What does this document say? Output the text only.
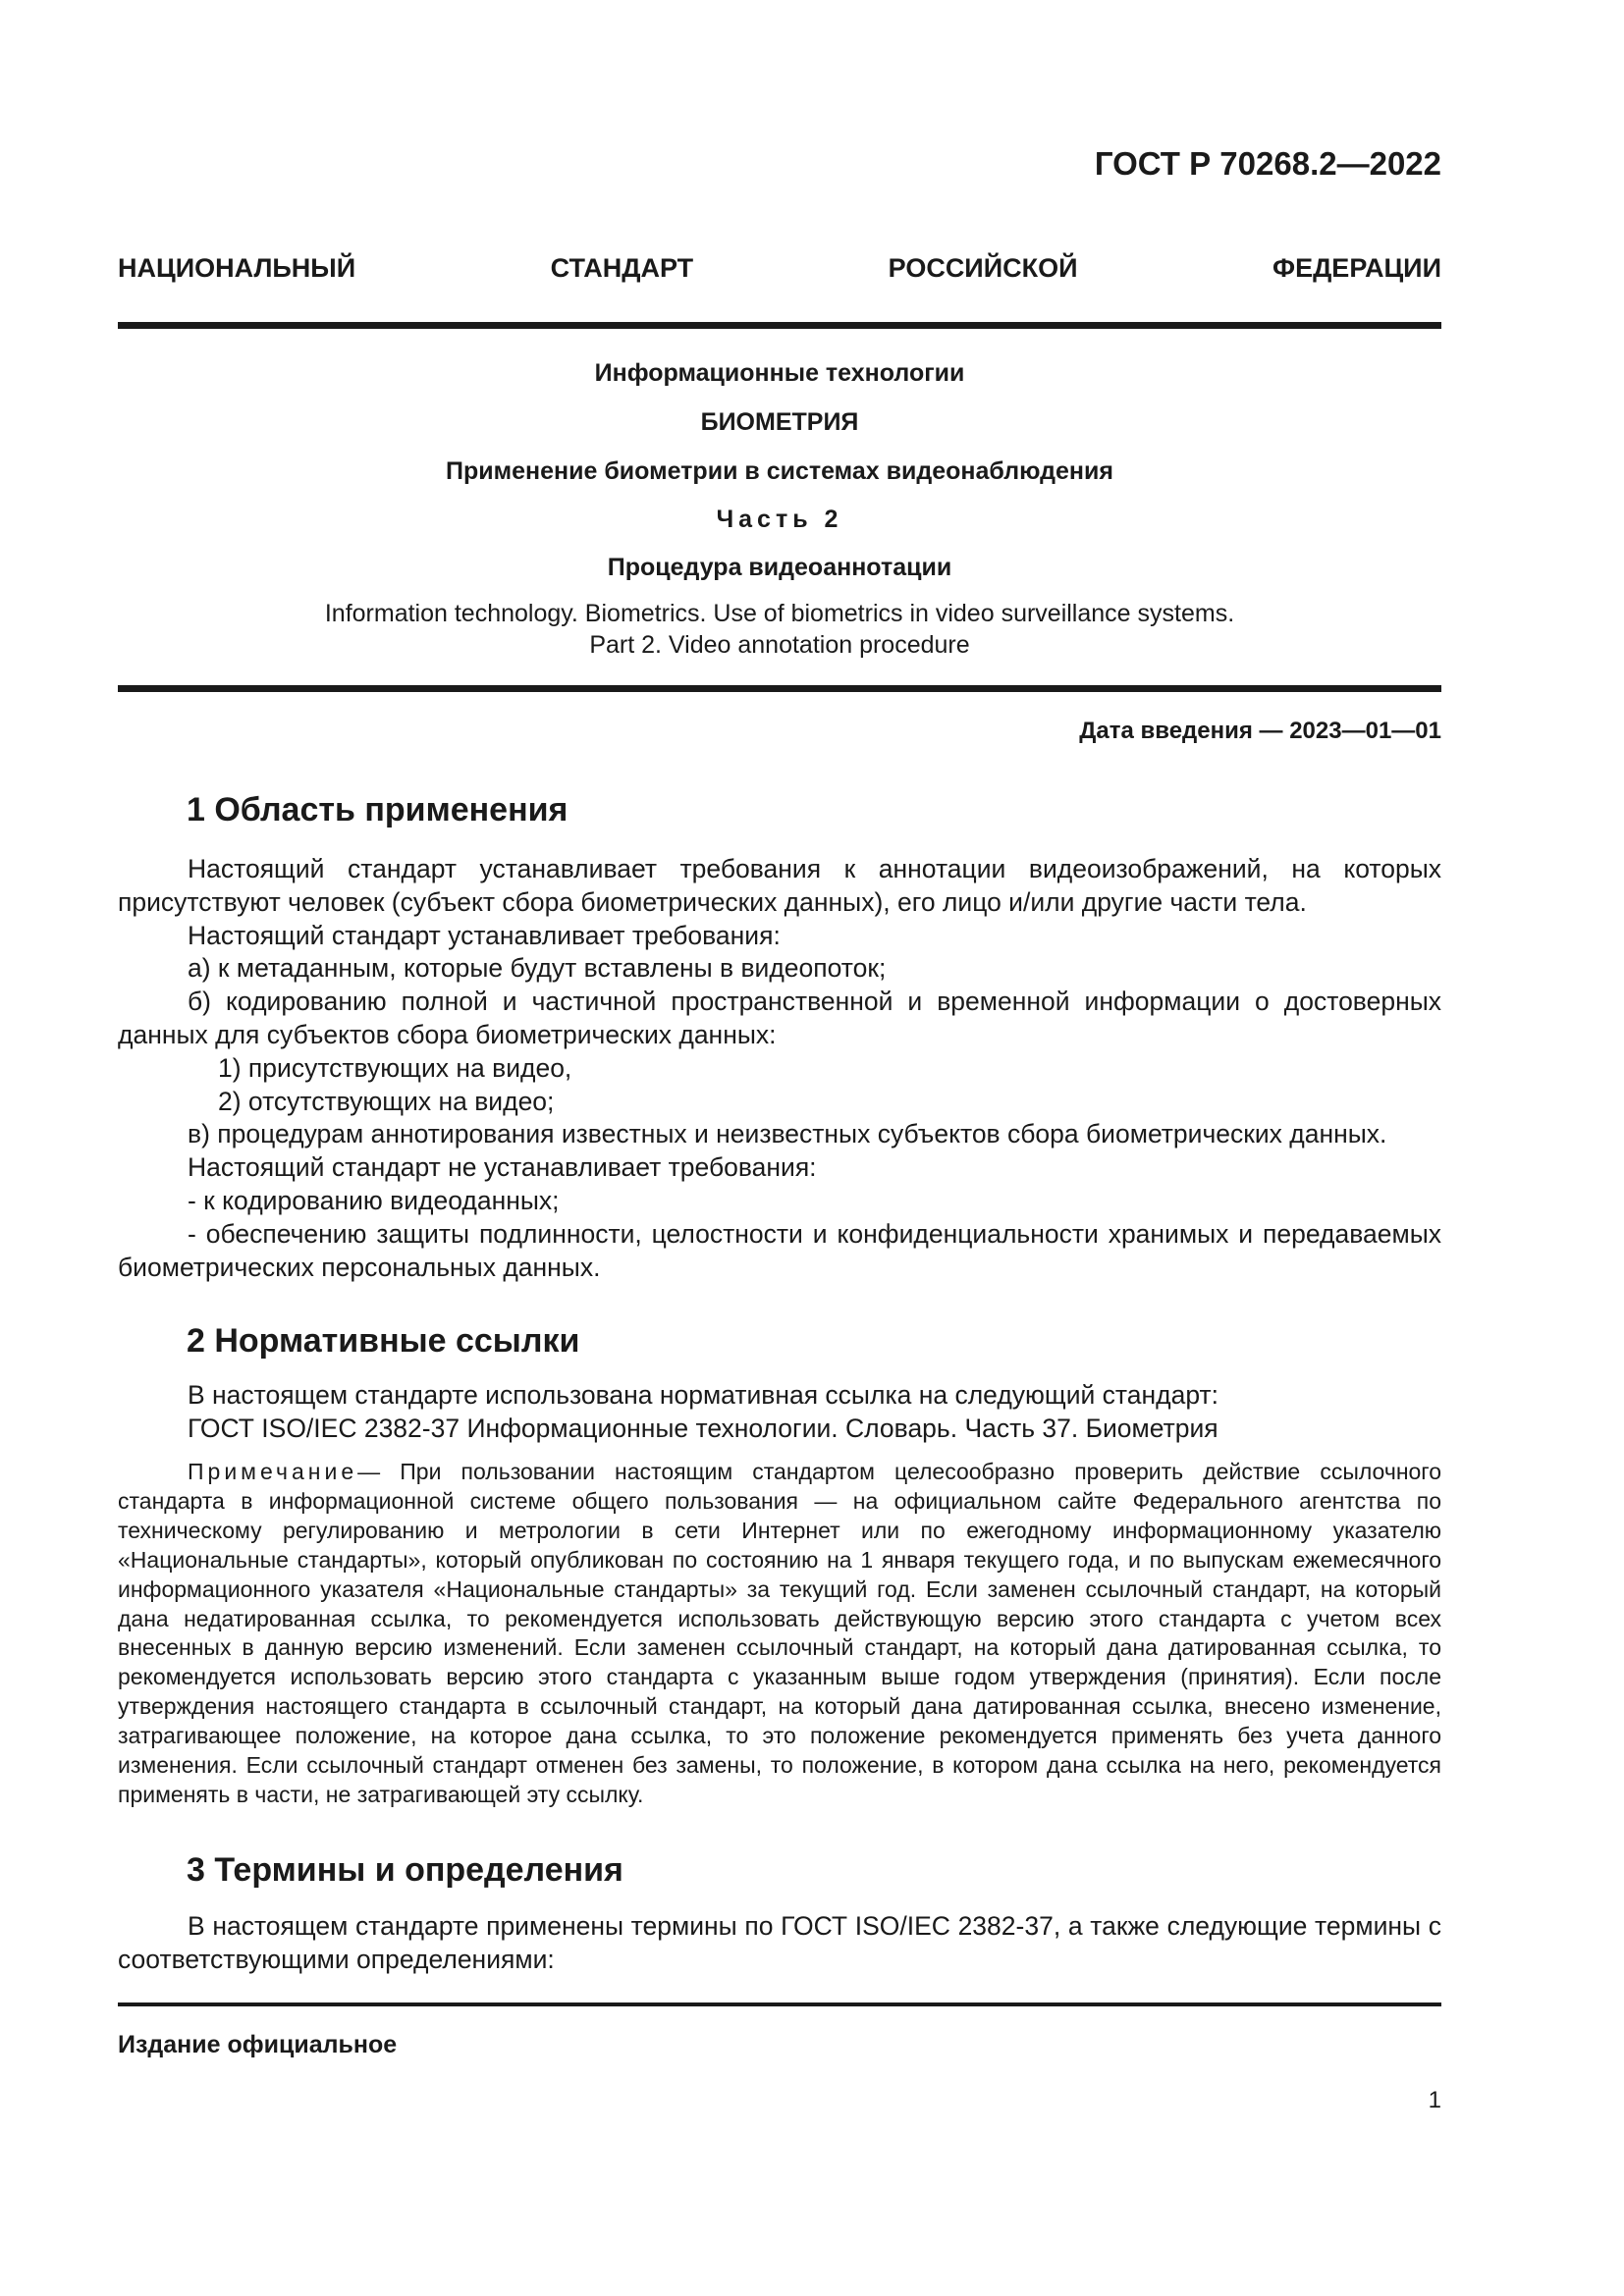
ГОСТ Р 70268.2—2022
НАЦИОНАЛЬНЫЙ СТАНДАРТ РОССИЙСКОЙ ФЕДЕРАЦИИ
Информационные технологии
БИОМЕТРИЯ
Применение биометрии в системах видеонаблюдения
Часть 2
Процедура видеоаннотации
Information technology. Biometrics. Use of biometrics in video surveillance systems.
Part 2. Video annotation procedure
Дата введения — 2023—01—01
1 Область применения

Настоящий стандарт устанавливает требования к аннотации видеоизображений, на которых присутствуют человек (субъект сбора биометрических данных), его лицо и/или другие части тела.

Настоящий стандарт устанавливает требования:

а) к метаданным, которые будут вставлены в видеопоток;

б) кодированию полной и частичной пространственной и временной информации о достоверных данных для субъектов сбора биометрических данных:

1) присутствующих на видео,

2) отсутствующих на видео;

в) процедурам аннотирования известных и неизвестных субъектов сбора биометрических данных.

Настоящий стандарт не устанавливает требования:

- к кодированию видеоданных;

- обеспечению защиты подлинности, целостности и конфиденциальности хранимых и передаваемых биометрических персональных данных.

2 Нормативные ссылки

В настоящем стандарте использована нормативная ссылка на следующий стандарт:

ГОСТ ISO/IEC 2382-37 Информационные технологии. Словарь. Часть 37. Биометрия

Примечание— При пользовании настоящим стандартом целесообразно проверить действие ссылочного стандарта в информационной системе общего пользования — на официальном сайте Федерального агентства по техническому регулированию и метрологии в сети Интернет или по ежегодному информационному указателю «Национальные стандарты», который опубликован по состоянию на 1 января текущего года, и по выпускам ежемесячного информационного указателя «Национальные стандарты» за текущий год. Если заменен ссылочный стандарт, на который дана недатированная ссылка, то рекомендуется использовать действующую версию этого стандарта с учетом всех внесенных в данную версию изменений. Если заменен ссылочный стандарт, на который дана датированная ссылка, то рекомендуется использовать версию этого стандарта с указанным выше годом утверждения (принятия). Если после утверждения настоящего стандарта в ссылочный стандарт, на который дана датированная ссылка, внесено изменение, затрагивающее положение, на которое дана ссылка, то это положение рекомендуется применять без учета данного изменения. Если ссылочный стандарт отменен без замены, то положение, в котором дана ссылка на него, рекомендуется применять в части, не затрагивающей эту ссылку.

3 Термины и определения

В настоящем стандарте применены термины по ГОСТ ISO/IEC 2382-37, а также следующие термины с соответствующими определениями:

Издание официальное
1
